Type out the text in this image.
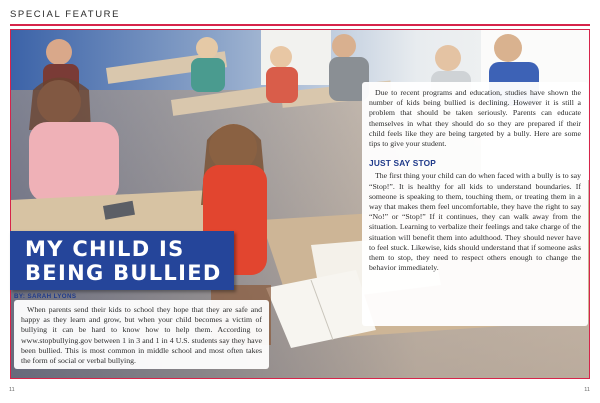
SPECIAL FEATURE
MY CHILD IS
BEING BULLIED
BY: SARAH LYONS

When parents send their kids to school they hope that they are safe and happy as they learn and grow, but when your child becomes a victim of bullying it can be hard to know how to help them. According to www.stopbullying.gov between 1 in 3 and 1 in 4 U.S. students say they have been bullied. This is most common in middle school and most often takes the form of social or verbal bullying.

Due to recent programs and education, studies have shown the number of kids being bullied is declining. However it is still a problem that should be taken seriously. Parents can educate themselves in what they should do so they are prepared if their child feels like they are being targeted by a bully. Here are some tips to give your student.

JUST SAY STOP

The first thing your child can do when faced with a bully is to say “Stop!”. It is healthy for all kids to understand boundaries. If someone is speaking to them, touching them, or treating them in a way that makes them feel uncomfortable, they have the right to say “No!” or “Stop!” If it continues, they can walk away from the situation. Learning to verbalize their feelings and take charge of the situation will benefit them into adulthood. They should never have to feel stuck. Likewise, kids should understand that if someone asks them to stop, they need to respect others enough to change the behavior immediately.

11	11
